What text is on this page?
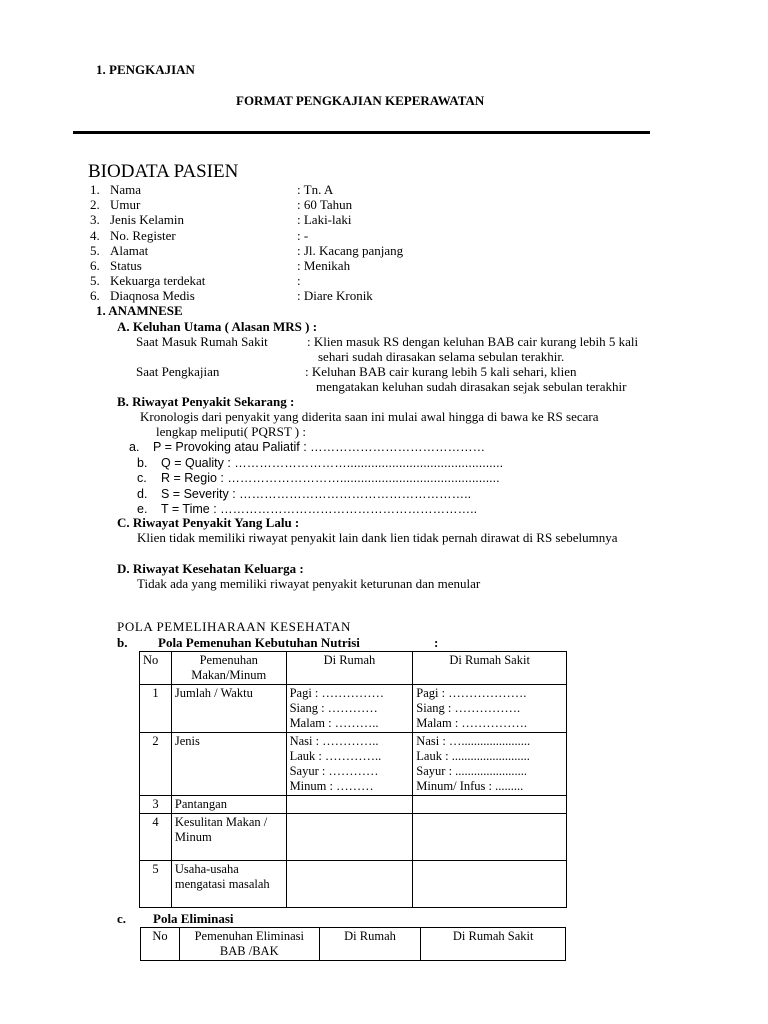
1. PENGKAJIAN
FORMAT PENGKAJIAN KEPERAWATAN
BIODATA PASIEN
1. Nama	: Tn. A
2. Umur	: 60 Tahun
3. Jenis Kelamin	: Laki-laki
4. No. Register	: -
5. Alamat	: Jl. Kacang panjang
6. Status	: Menikah
5. Kekuarga terdekat	:
6. Diaqnosa Medis	: Diare Kronik
1. ANAMNESE
A. Keluhan Utama ( Alasan MRS ) :
Saat Masuk Rumah Sakit	: Klien masuk RS dengan keluhan BAB cair kurang lebih 5 kali
sehari sudah dirasakan selama sebulan terakhir.
Saat Pengkajian	: Keluhan BAB cair kurang lebih 5 kali sehari, klien
mengatakan keluhan sudah dirasakan sejak sebulan terakhir
B. Riwayat Penyakit Sekarang :
Kronologis dari penyakit yang diderita saan ini mulai awal hingga di bawa ke RS secara
lengkap meliputi( PQRST ) :
a. P = Provoking atau Paliatif : ……………………………………
b. Q = Quality : ……………………….............................................
c. R = Regio : ………………………..............................................
d. S = Severity : ………………………………………………..
e. T = Time : ……………………………………………………..
C. Riwayat Penyakit Yang Lalu :
Klien tidak memiliki riwayat penyakit lain dank lien tidak pernah dirawat di RS sebelumnya
D. Riwayat Kesehatan Keluarga :
Tidak ada yang memiliki riwayat penyakit keturunan dan menular
POLA PEMELIHARAAN KESEHATAN
b. Pola Pemenuhan Kebutuhan Nutrisi	:
No	Pemenuhan Makan/Minum	Di Rumah	Di Rumah Sakit
1	Jumlah / Waktu	Pagi : ……………
Siang : …………
Malam : ………..	Pagi : ……………….
Siang : …………….
Malam : …………….

2	Jenis	Nasi : …………..
Lauk : …………..
Sayur : …………
Minum : ………	Nasi : …......................
Lauk : .........................
Sayur : .......................
Minum/ Infus : .........

3	Pantangan		
4	Kesulitan Makan / Minum		
5	Usaha-usaha mengatasi masalah		
c. Pola Eliminasi
No	Pemenuhan Eliminasi BAB /BAK	Di Rumah	Di Rumah Sakit
